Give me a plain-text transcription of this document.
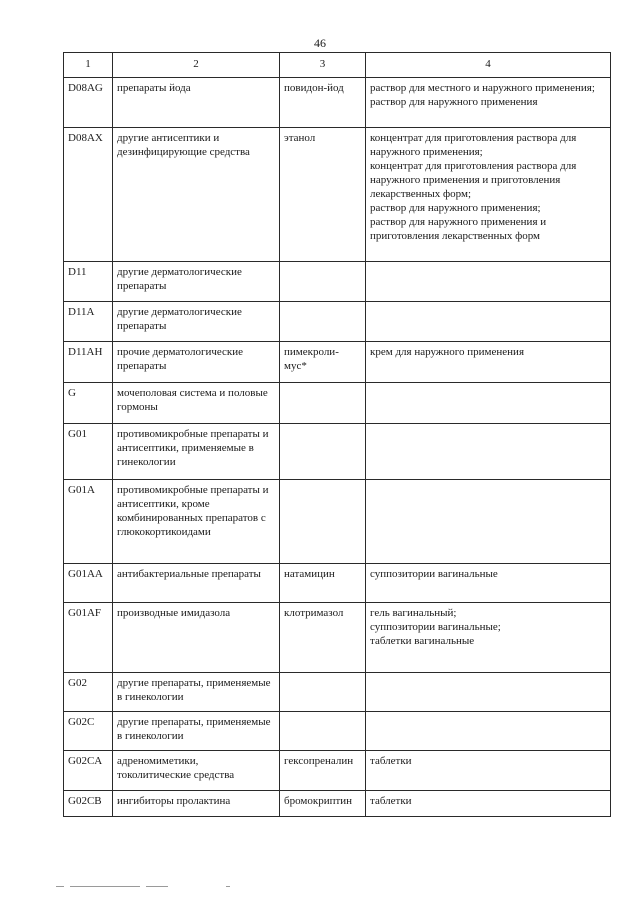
46
1	2	3	4
D08AG	препараты йода	повидон-йод	раствор для местного и наружного применения;
раствор для наружного применения

D08AX	другие антисептики и дезинфицирующие средства	этанол	концентрат для приготовления раствора для наружного применения;
концентрат для приготовления раствора для наружного применения и приготовления лекарственных форм;
раствор для наружного применения;
раствор для наружного применения и приготовления лекарственных форм

D11	другие дерматологические препараты		
D11A	другие дерматологические препараты		
D11AH	прочие дерматологические препараты	пимекроли-мус*	крем для наружного применения

G	мочеполовая система и половые гормоны		
G01	противомикробные препараты и антисептики, применяемые в гинекологии		
G01A	противомикробные препараты и антисептики, кроме комбинированных препаратов с глюкокортикоидами		
G01AA	антибактериальные препараты	натамицин	суппозитории вагинальные

G01AF	производные имидазола	клотримазол	гель вагинальный;
суппозитории вагинальные;
таблетки вагинальные

G02	другие препараты, применяемые в гинекологии		
G02C	другие препараты, применяемые в гинекологии		
G02CA	адреномиметики, токолитические средства	гексопреналин	таблетки

G02CB	ингибиторы пролактина	бромокриптин	таблетки
